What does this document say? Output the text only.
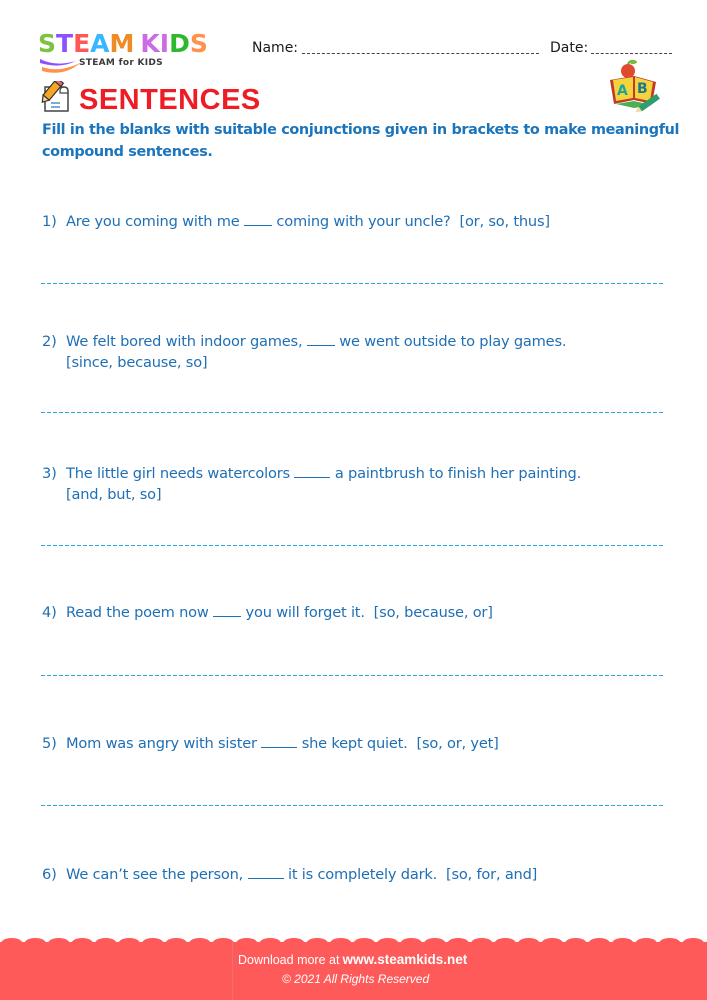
STEAM KIDS
STEAM for KIDS
Name:	Date:
SENTENCES	A B
Fill in the blanks with suitable conjunctions given in brackets to make meaningful compound sentences.
1) Are you coming with me	coming with your uncle? [or, so, thus]
2) We felt bored with indoor games,	we went outside to play games.
[since, because, so]
3) The little girl needs watercolors	a paintbrush to finish her painting.
[and, but, so]
4) Read the poem now	you will forget it. [so, because, or]
5) Mom was angry with sister	she kept quiet. [so, or, yet]
6) We can’t see the person,	it is completely dark. [so, for, and]
Download more at www.steamkids.net
© 2021 All Rights Reserved
